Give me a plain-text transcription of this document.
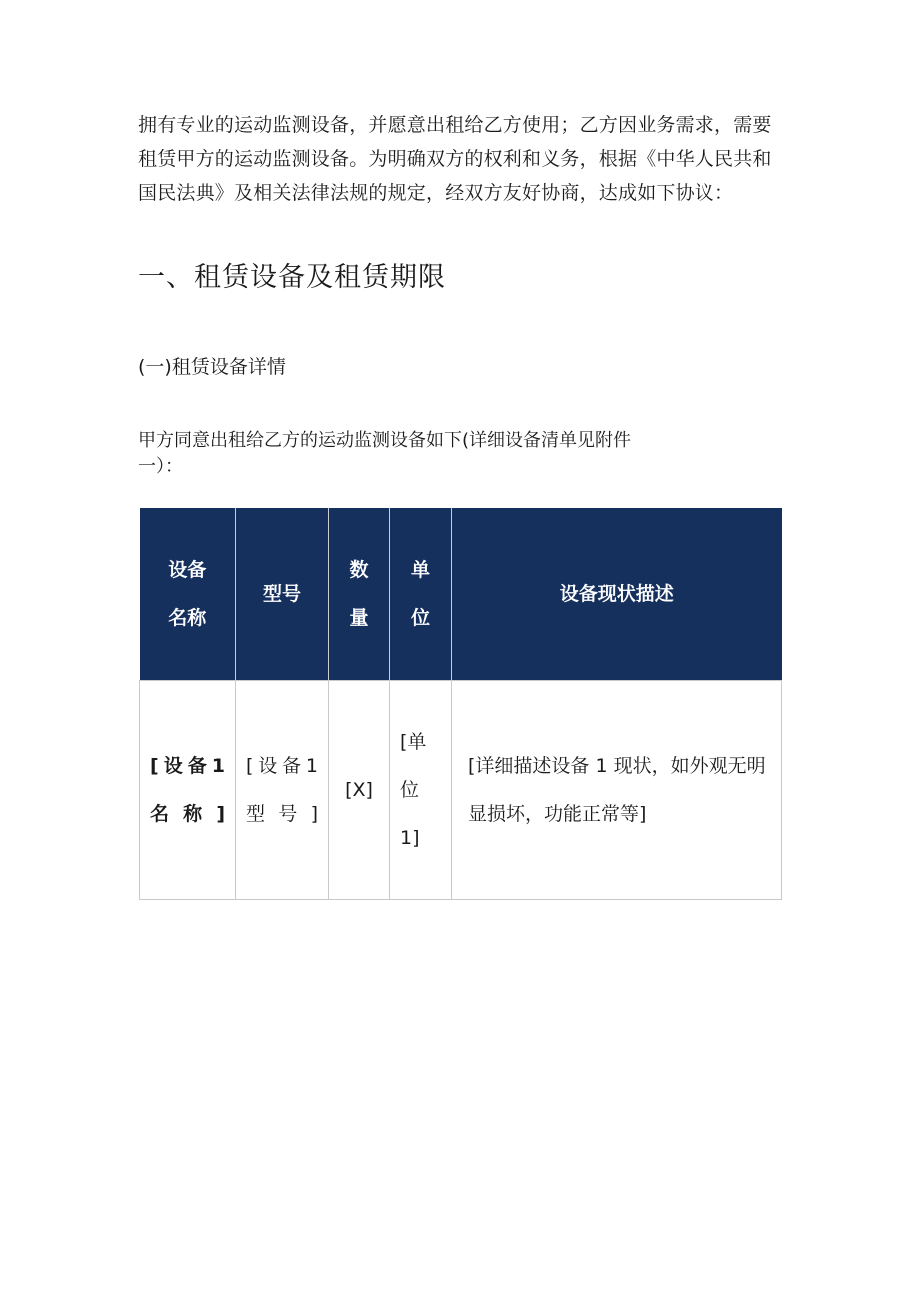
拥有专业的运动监测设备，并愿意出租给乙方使用；乙方因业务需求，需要租赁甲方的运动监测设备。为明确双方的权利和义务，根据《中华人民共和国民法典》及相关法律法规的规定，经双方友好协商，达成如下协议：

一、租赁设备及租赁期限
(一)租赁设备详情

甲方同意出租给乙方的运动监测设备如下(详细设备清单见附件一）：

设备名称	型号	数量	单位	设备现状描述

[设备1名称]	[设备1型号]	[X]	[单位1]	[详细描述设备 1 现状，如外观无明显损坏，功能正常等]
